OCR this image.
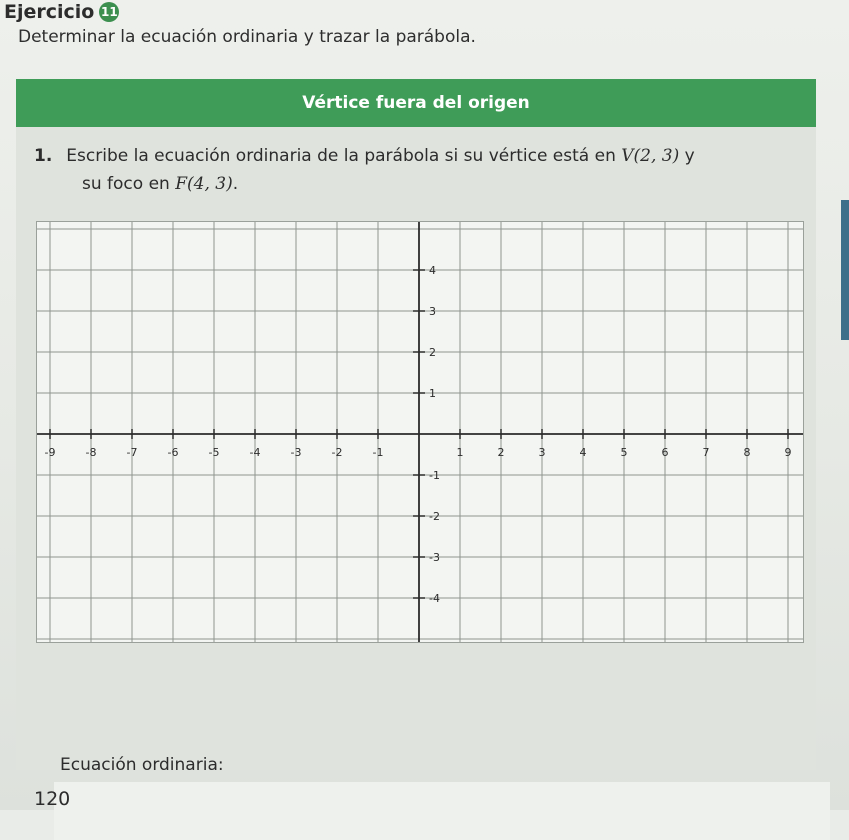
Ejercicio 11
Determinar la ecuación ordinaria y trazar la parábola.
Vértice fuera del origen
1. Escribe la ecuación ordinaria de la parábola si su vértice está en V(2, 3) y
su foco en F(4, 3).
Ecuación ordinaria:
-9	-8	-7	-6	-5	-4	-3	-2	-1	1	2	3	4	5	6	7	8	9
4
3
2
1
-1
-2
-3
-4
120
